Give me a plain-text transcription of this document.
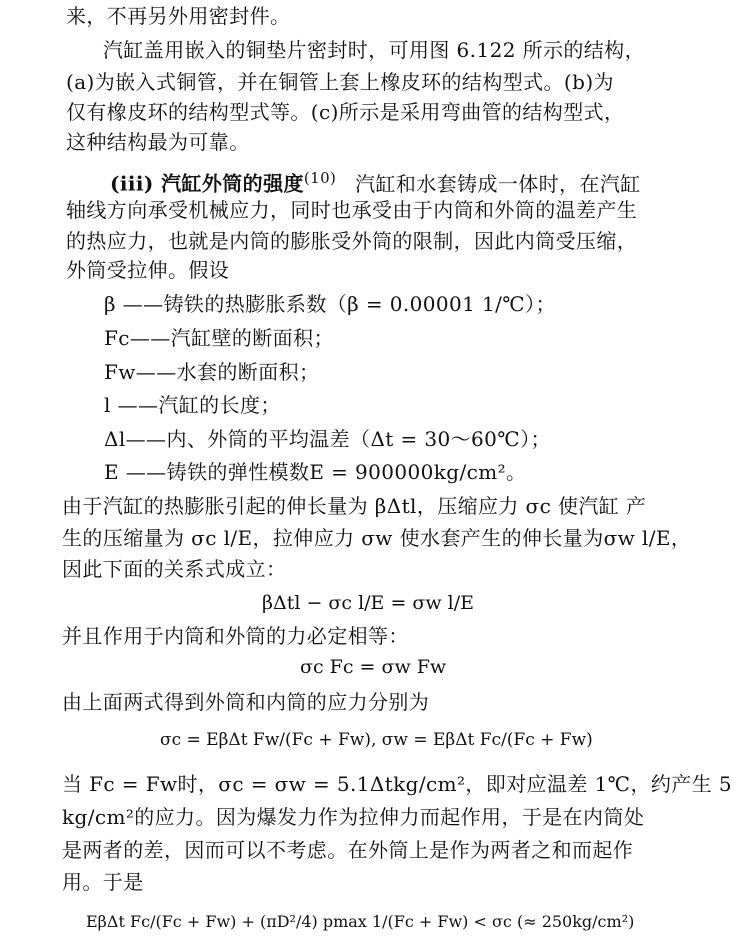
来，不再另外用密封件。
汽缸盖用嵌入的铜垫片密封时，可用图 6.122 所示的结构，
(a)为嵌入式铜管，并在铜管上套上橡皮环的结构型式。(b)为
仅有橡皮环的结构型式等。(c)所示是采用弯曲管的结构型式，
这种结构最为可靠。
(iii) 汽缸外筒的强度$^{(10)}$ 汽缸和水套铸成一体时，在汽缸
轴线方向承受机械应力，同时也承受由于内筒和外筒的温差产生
的热应力，也就是内筒的膨胀受外筒的限制，因此内筒受压缩，
外筒受拉伸。假设
β ——铸铁的热膨胀系数（β = 0.00001 1/℃）；
Fc——汽缸壁的断面积；
Fw——水套的断面积；
l ——汽缸的长度；
Δl——内、外筒的平均温差（Δt = 30～60℃）；
E ——铸铁的弹性模数E = 900000kg/cm²。
由于汽缸的热膨胀引起的伸长量为 βΔtl，压缩应力 σc 使汽缸 产
生的压缩量为 σc l/E，拉伸应力 σw 使水套产生的伸长量为σw l/E，
因此下面的关系式成立：
βΔtl − σc l/E = σw l/E
并且作用于内筒和外筒的力必定相等：
σc Fc = σw Fw
由上面两式得到外筒和内筒的应力分别为
σc = EβΔt Fw/(Fc + Fw), σw = EβΔt Fc/(Fc + Fw)
当 Fc = Fw时，σc = σw = 5.1Δtkg/cm²，即对应温差 1℃，约产生 5
kg/cm²的应力。因为爆发力作为拉伸力而起作用，于是在内筒处
是两者的差，因而可以不考虑。在外筒上是作为两者之和而起作
用。于是
EβΔt Fc/(Fc + Fw) + (πD²/4) pmax 1/(Fc + Fw) < σc (≈ 250kg/cm²)
